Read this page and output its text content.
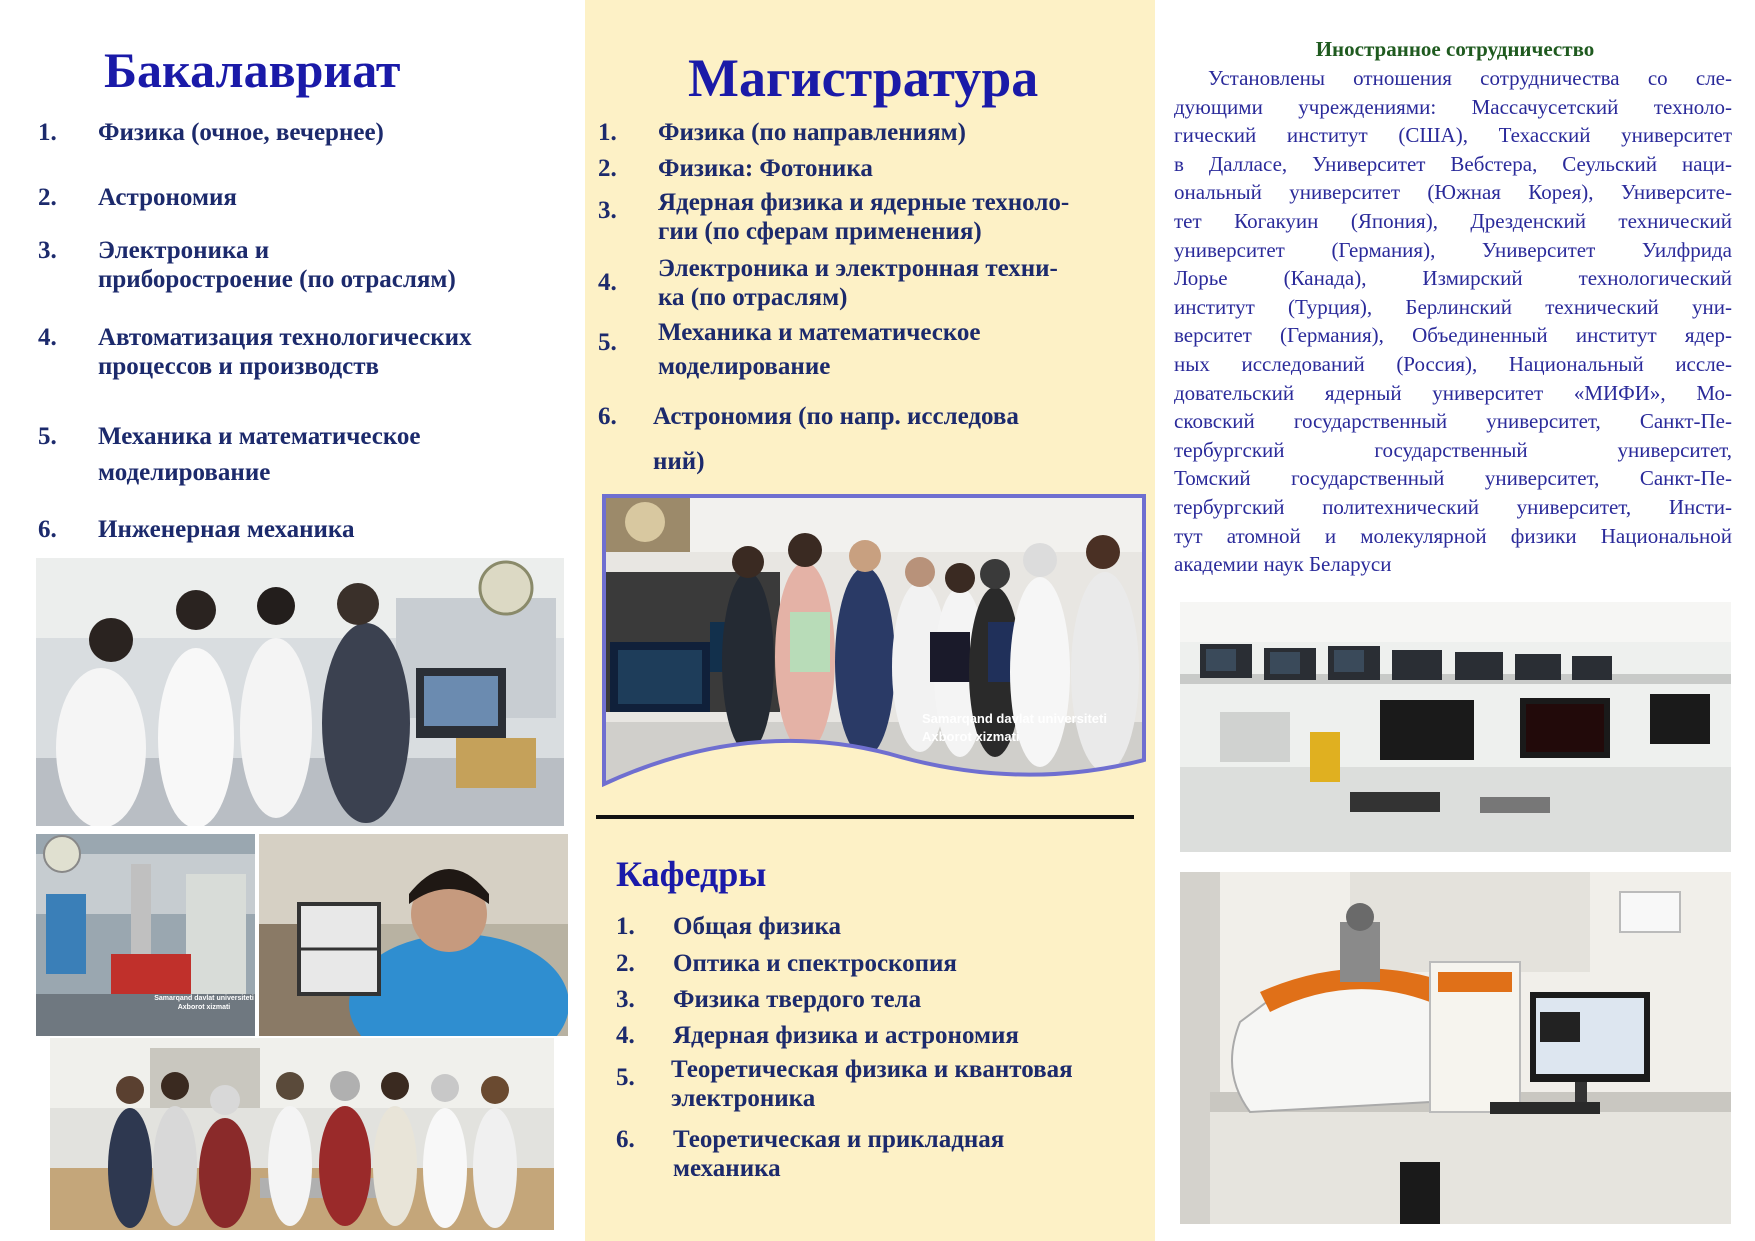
Бакалавриат
1. Физика (очное, вечернее)
2. Астрономия
3. Электроника и
приборостроение (по отраслям)
4. Автоматизация технологических
процессов и производств
5. Механика и математическое
моделирование
6. Инженерная механика
Samarqand davlat universiteti
Axborot xizmati
Магистратура
1. Физика (по направлениям)
2. Физика: Фотоника
3. Ядерная физика и ядерные техноло-
гии (по сферам применения)
4.
Электроника и электронная техни-
ка (по отраслям)
5. Механика и математическое
моделирование
6. Астрономия (по напр. исследова
ний)
Samarqand davlat universiteti
Axborot xizmati
Кафедры
1. Общая физика
2. Оптика и спектроскопия
3. Физика твердого тела
4. Ядерная физика и астрономия
5. Теоретическая физика и квантовая
электроника
6. Теоретическая и прикладная
механика
Иностранное сотрудничество
Установлены отношения сотрудничества со сле-
дующими учреждениями: Массачусетский техноло-
гический институт (США), Техасский университет
в Далласе, Университет Вебстера, Сеульский наци-
ональный университет (Южная Корея), Университе-
тет Когакуин (Япония), Дрезденский технический
университет (Германия), Университет Уилфрида
Лорье (Канада), Измирский технологический
институт (Турция), Берлинский технический уни-
верситет (Германия), Объединенный институт ядер-
ных исследований (Россия), Национальный иссле-
довательский ядерный университет «МИФИ», Мо-
сковский государственный университет, Санкт-Пе-
тербургский государственный университет,
Томский государственный университет, Санкт-Пе-
тербургский политехнический университет, Инсти-
тут атомной и молекулярной физики Национальной
академии наук Беларуси
